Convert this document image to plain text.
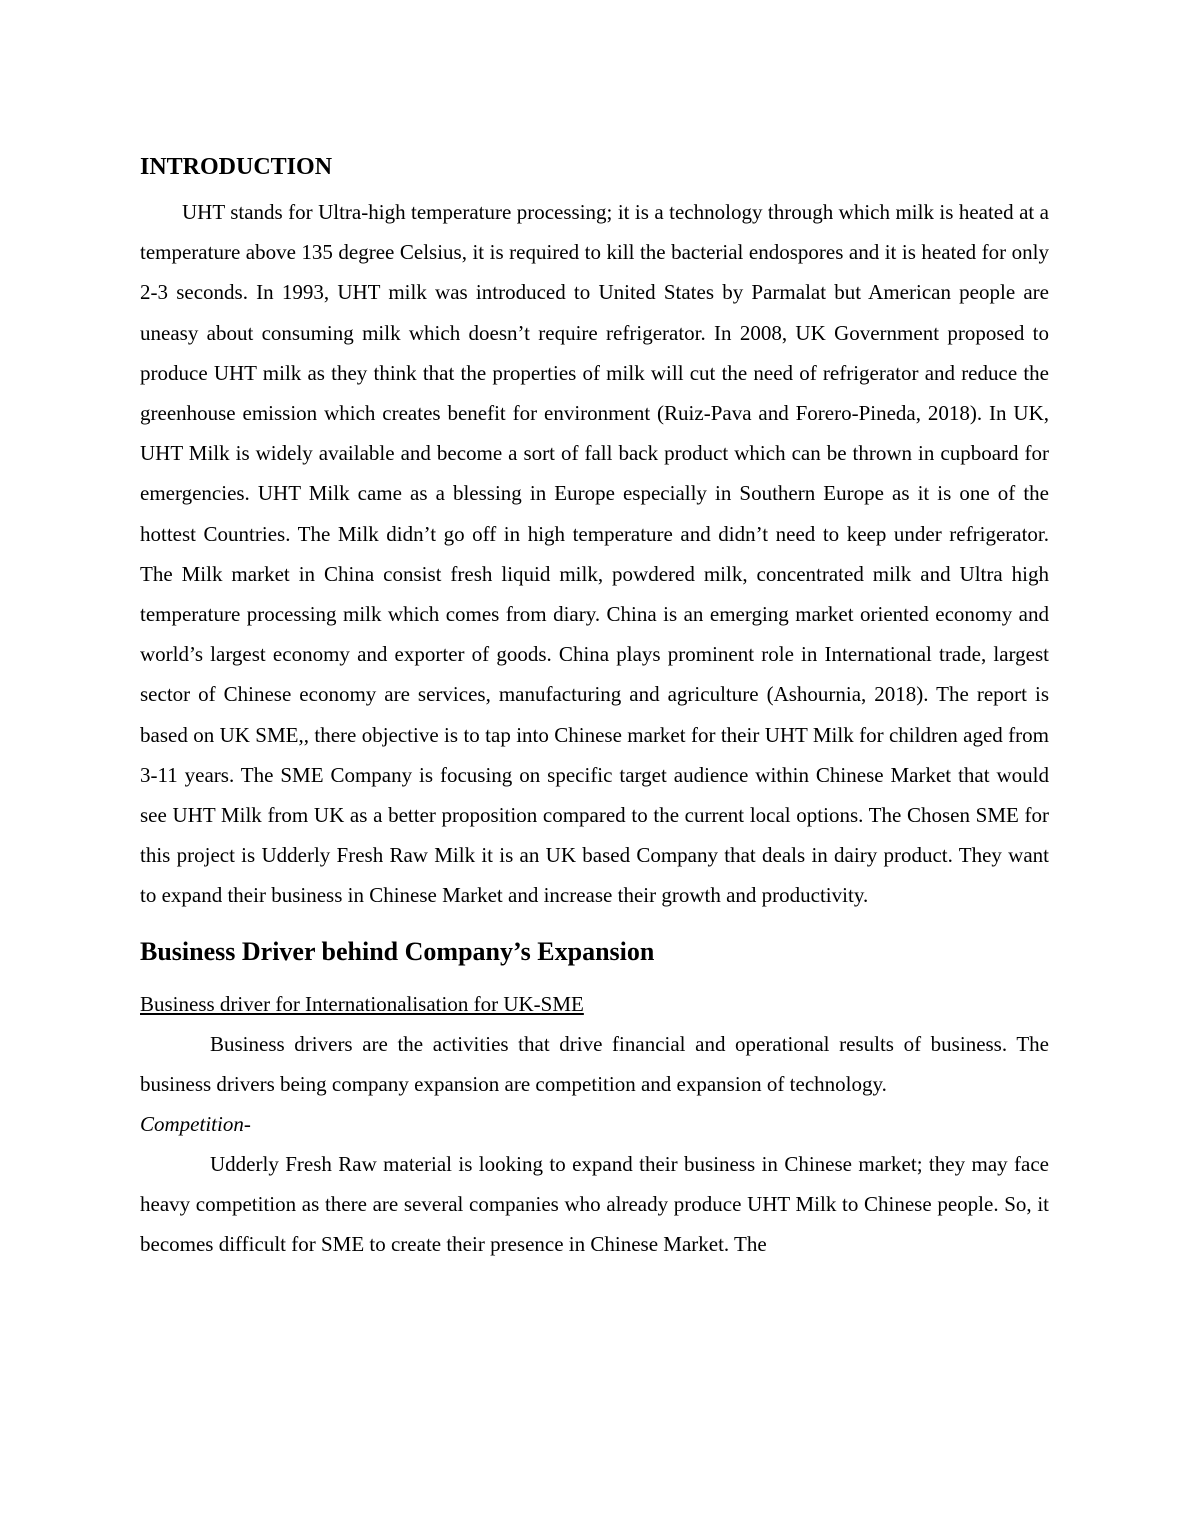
INTRODUCTION

UHT stands for Ultra-high temperature processing; it is a technology through which milk is heated at a temperature above 135 degree Celsius, it is required to kill the bacterial endospores and it is heated for only 2-3 seconds. In 1993, UHT milk was introduced to United States by Parmalat but American people are uneasy about consuming milk which doesn’t require refrigerator. In 2008, UK Government proposed to produce UHT milk as they think that the properties of milk will cut the need of refrigerator and reduce the greenhouse emission which creates benefit for environment (Ruiz-Pava and Forero-Pineda, 2018). In UK, UHT Milk is widely available and become a sort of fall back product which can be thrown in cupboard for emergencies. UHT Milk came as a blessing in Europe especially in Southern Europe as it is one of the hottest Countries. The Milk didn’t go off in high temperature and didn’t need to keep under refrigerator. The Milk market in China consist fresh liquid milk, powdered milk, concentrated milk and Ultra high temperature processing milk which comes from diary. China is an emerging market oriented economy and world’s largest economy and exporter of goods. China plays prominent role in International trade, largest sector of Chinese economy are services, manufacturing and agriculture (Ashournia, 2018). The report is based on UK SME,, there objective is to tap into Chinese market for their UHT Milk for children aged from 3-11 years. The SME Company is focusing on specific target audience within Chinese Market that would see UHT Milk from UK as a better proposition compared to the current local options. The Chosen SME for this project is Udderly Fresh Raw Milk it is an UK based Company that deals in dairy product. They want to expand their business in Chinese Market and increase their growth and productivity.

Business Driver behind Company’s Expansion

Business driver for Internationalisation for UK-SME

Business drivers are the activities that drive financial and operational results of business. The business drivers being company expansion are competition and expansion of technology.

Competition-

Udderly Fresh Raw material is looking to expand their business in Chinese market; they may face heavy competition as there are several companies who already produce UHT Milk to Chinese people. So, it becomes difficult for SME to create their presence in Chinese Market. The
